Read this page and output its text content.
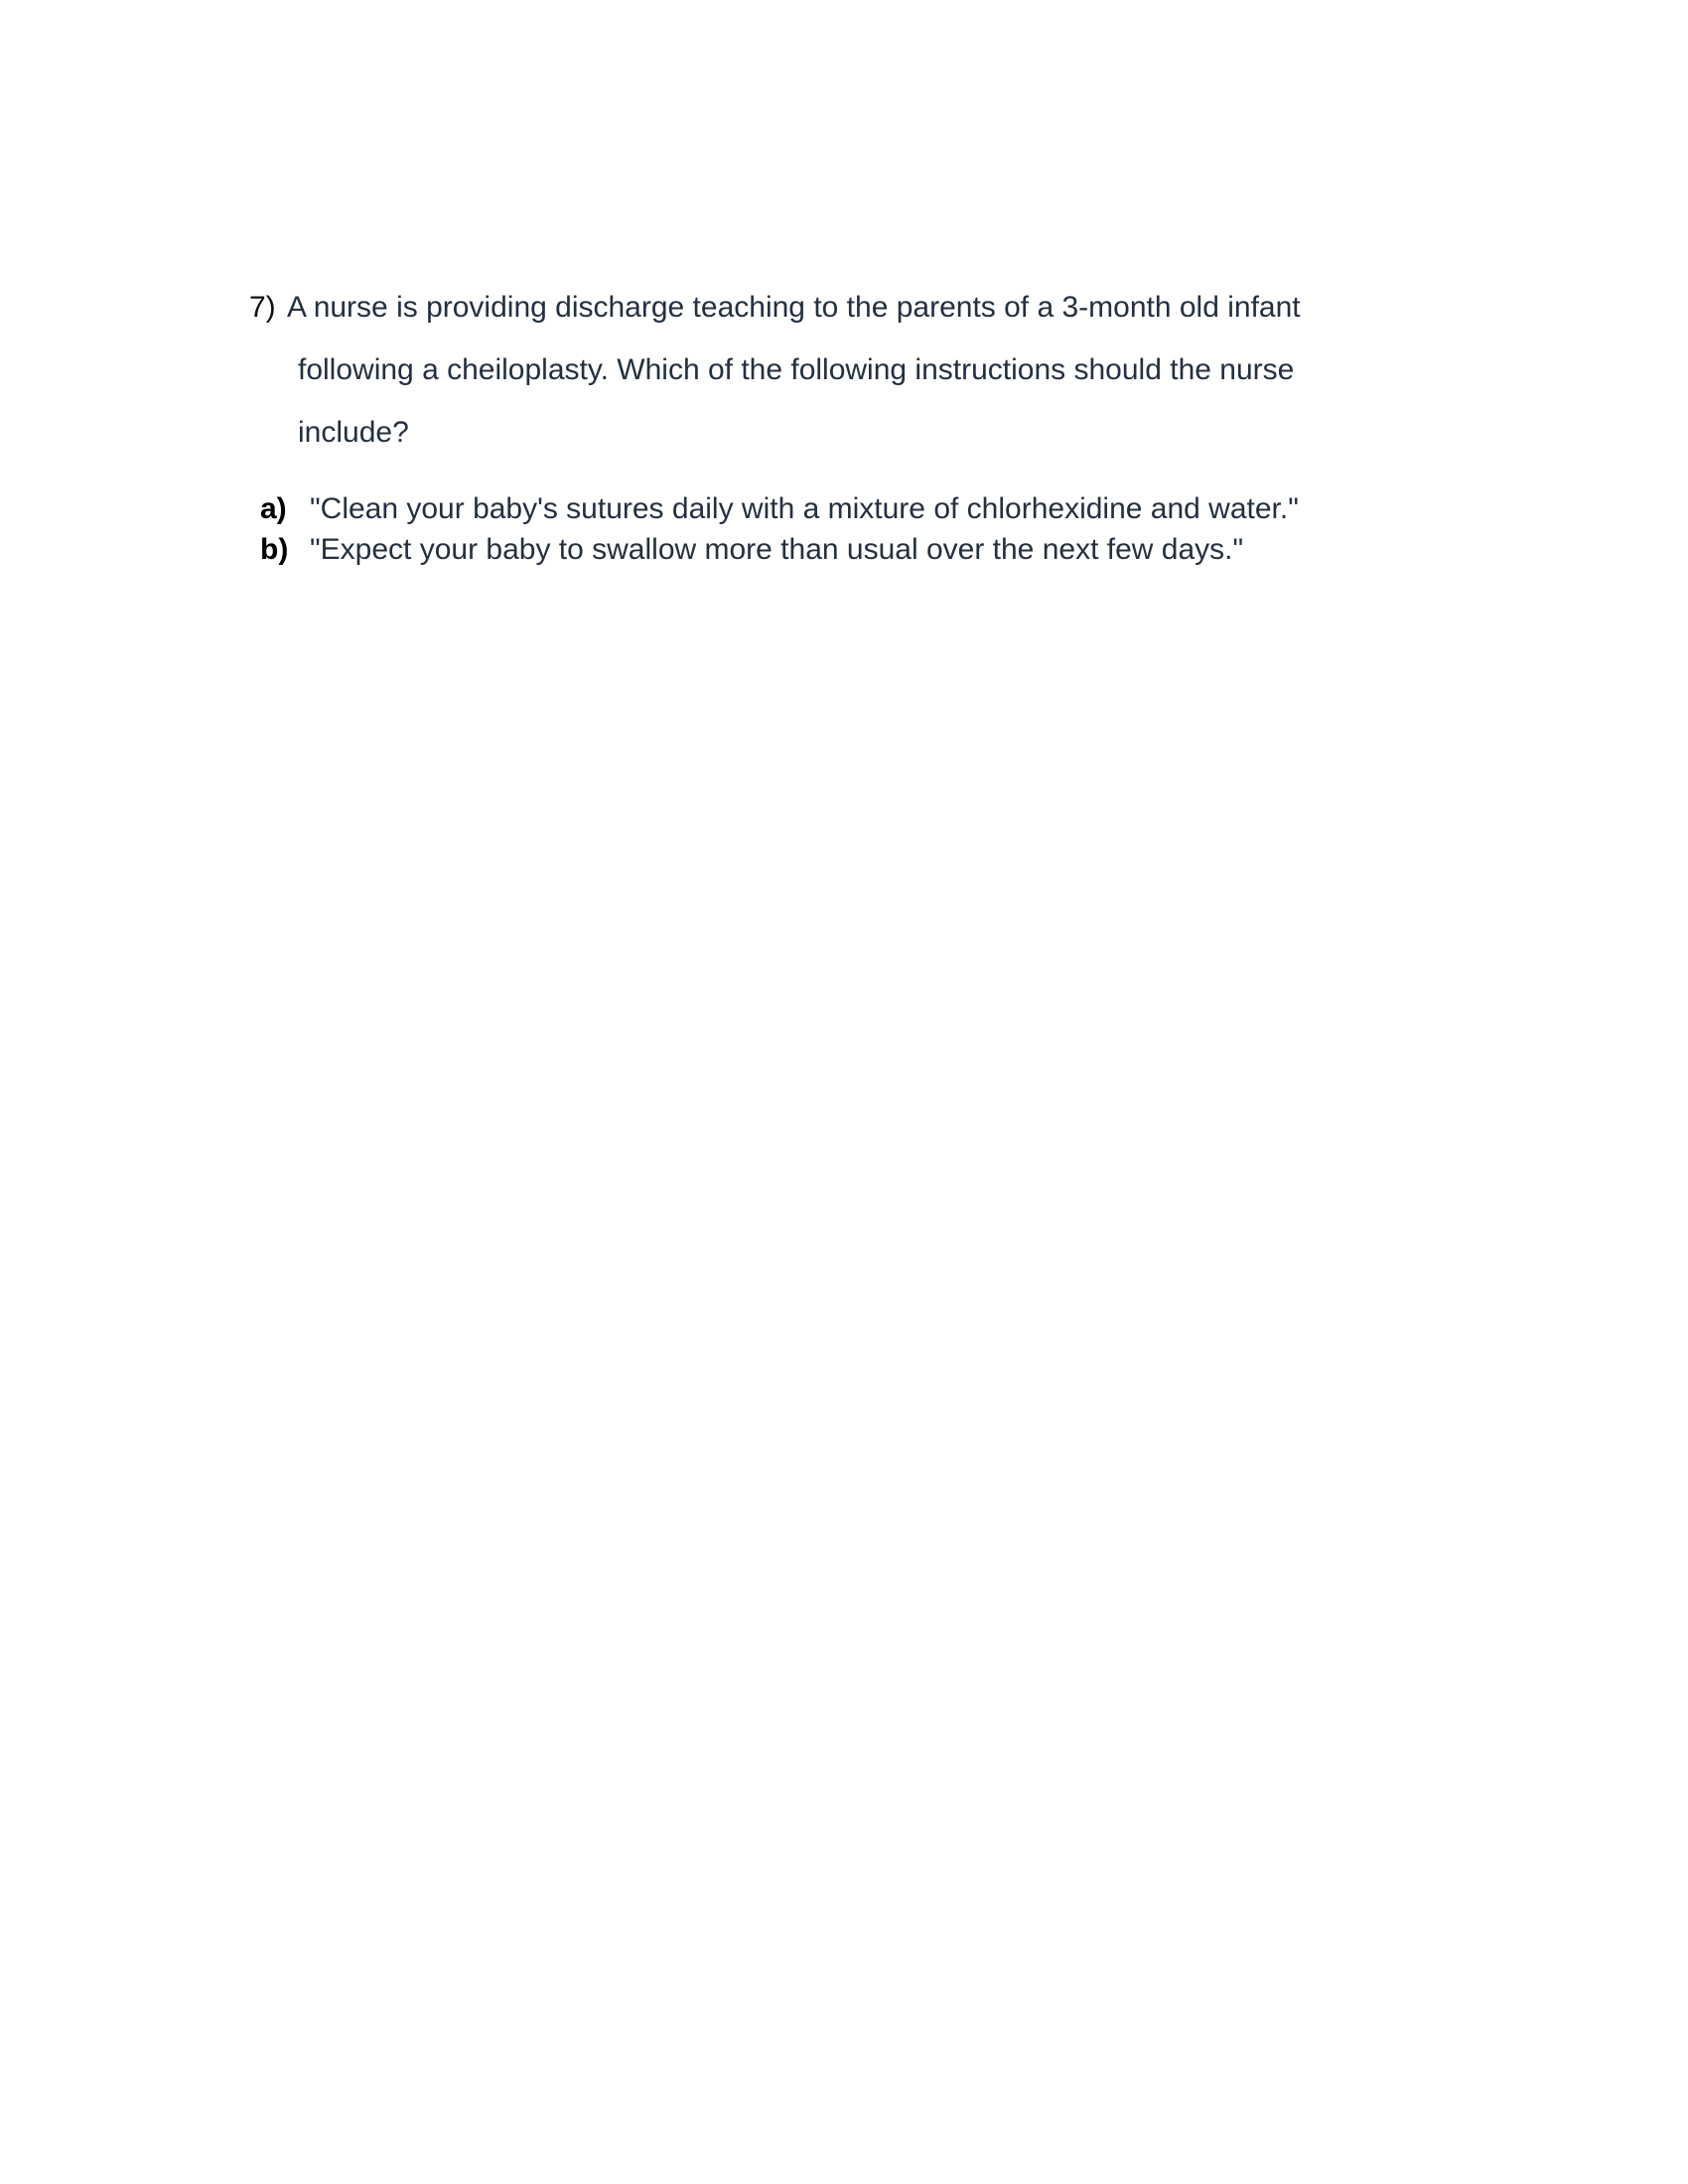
7) A nurse is providing discharge teaching to the parents of a 3-month old infant
following a cheiloplasty. Which of the following instructions should the nurse
include?
a) "Clean your baby's sutures daily with a mixture of chlorhexidine and water."
b) "Expect your baby to swallow more than usual over the next few days."
